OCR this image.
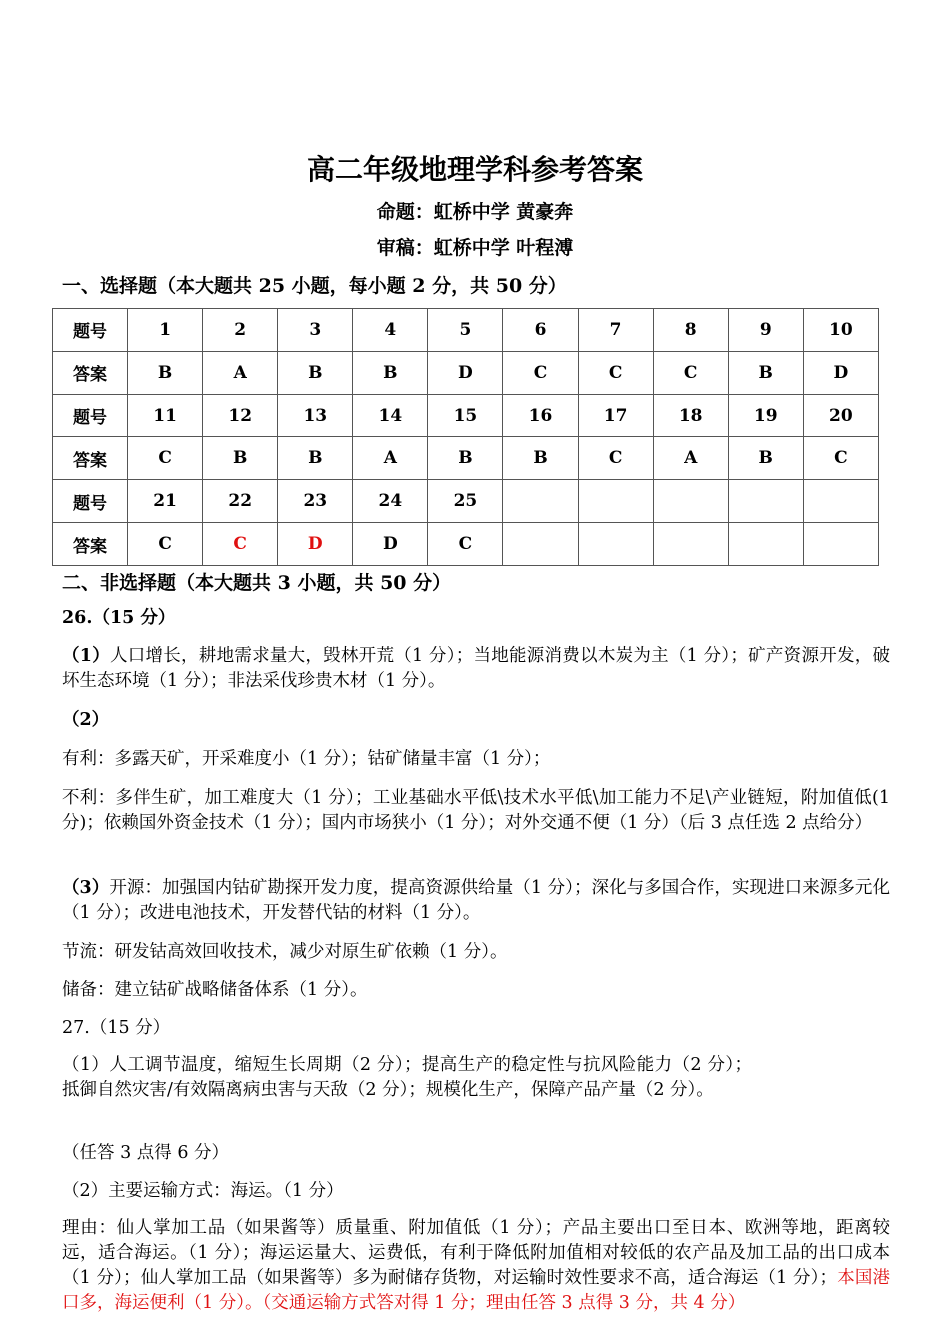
高二年级地理学科参考答案
命题：虹桥中学 黄豪奔
审稿：虹桥中学 叶程溥
一、选择题（本大题共 25 小题，每小题 2 分，共 50 分）
题号	1	2	3	4	5	6	7	8	9	10
答案	B	A	B	B	D	C	C	C	B	D
题号	11	12	13	14	15	16	17	18	19	20
答案	C	B	B	A	B	B	C	A	B	C
题号	21	22	23	24	25					
答案	C	C	D	D	C					
二、非选择题（本大题共 3 小题，共 50 分）
26.（15 分）
（1）人口增长，耕地需求量大，毁林开荒（1 分）；当地能源消费以木炭为主（1 分）；矿产资源开发，破坏生态环境（1 分）；非法采伐珍贵木材（1 分）。
（2）
有利：多露天矿，开采难度小（1 分）；钴矿储量丰富（1 分）；
不利：多伴生矿，加工难度大（1 分）；工业基础水平低\技术水平低\加工能力不足\产业链短，附加值低(1分)；依赖国外资金技术（1 分）；国内市场狭小（1 分）；对外交通不便（1 分）（后 3 点任选 2 点给分）
（3）开源：加强国内钴矿勘探开发力度，提高资源供给量（1 分）；深化与多国合作，实现进口来源多元化（1 分）；改进电池技术，开发替代钴的材料（1 分）。
节流：研发钴高效回收技术，减少对原生矿依赖（1 分）。
储备：建立钴矿战略储备体系（1 分）。
27.（15 分）
（1）人工调节温度，缩短生长周期（2 分）；提高生产的稳定性与抗风险能力（2 分）；抵御自然灾害/有效隔离病虫害与天敌（2 分）；规模化生产，保障产品产量（2 分）。
（任答 3 点得 6 分）
（2）主要运输方式：海运。（1 分）
理由：仙人掌加工品（如果酱等）质量重、附加值低（1 分）；产品主要出口至日本、欧洲等地，距离较远，适合海运。（1 分）；海运运量大、运费低，有利于降低附加值相对较低的农产品及加工品的出口成本（1 分）；仙人掌加工品（如果酱等）多为耐储存货物，对运输时效性要求不高，适合海运（1 分）；本国港口多，海运便利（1 分）。（交通运输方式答对得 1 分；理由任答 3 点得 3 分，共 4 分）
